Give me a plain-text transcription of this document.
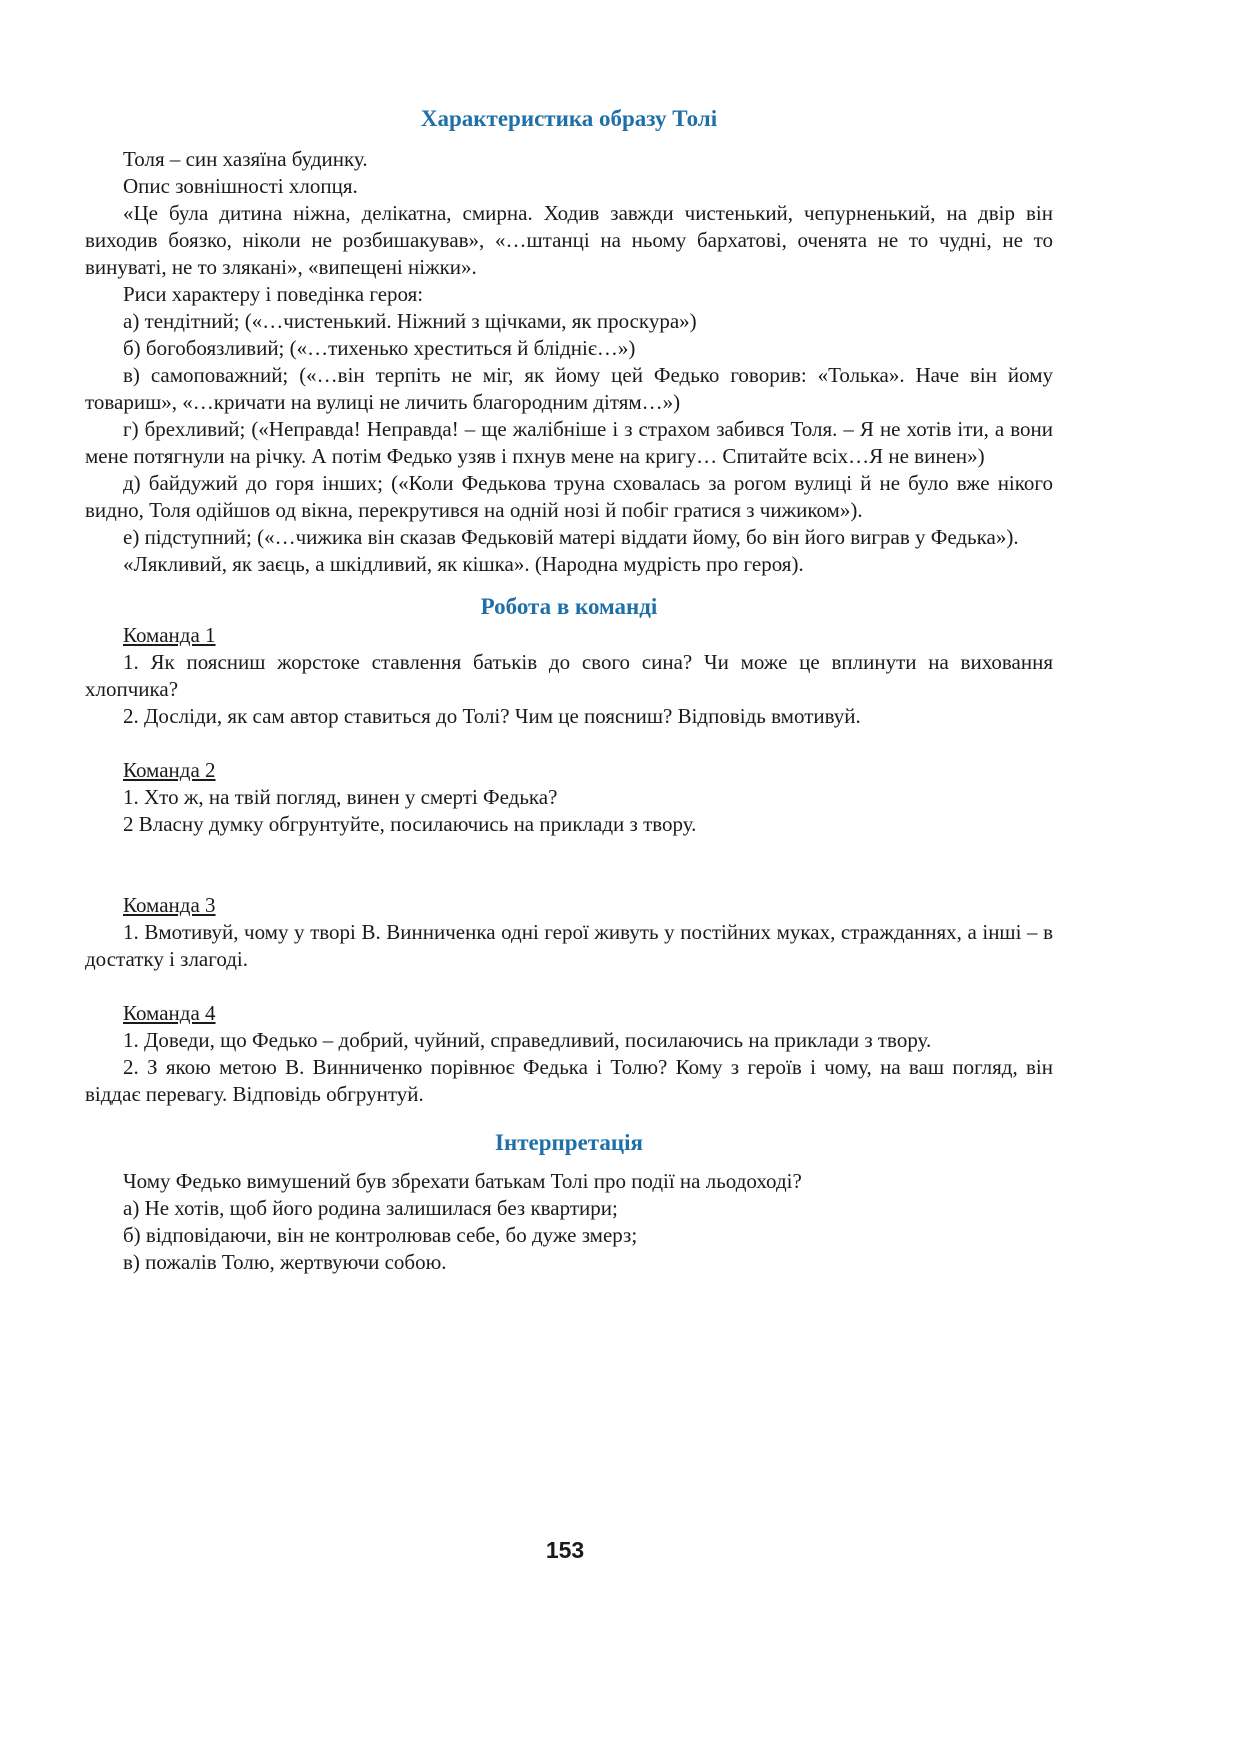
Характеристика образу Толі

Толя – син хазяїна будинку.

Опис зовнішності хлопця.

«Це була дитина ніжна, делікатна, смирна. Ходив завжди чистенький, чепурненький, на двір він виходив боязко, ніколи не розбишакував», «…штанці на ньому бархатові, оченята не то чудні, не то винуваті, не то злякані», «випещені ніжки».

Риси характеру і поведінка героя:

а) тендітний; («…чистенький. Ніжний з щічками, як проскура»)

б) богобоязливий; («…тихенько хреститься й блідніє…»)

в) самоповажний; («…він терпіть не міг, як йому цей Федько говорив: «Толька». Наче він йому товариш», «…кричати на вулиці не личить благородним дітям…»)

г) брехливий; («Неправда! Неправда! – ще жалібніше і з страхом забився Толя. – Я не хотів іти, а вони мене потягнули на річку. А потім Федько узяв і пхнув мене на кригу… Спитайте всіх…Я не винен»)

д) байдужий до горя інших; («Коли Федькова труна сховалась за рогом вулиці й не було вже нікого видно, Толя одійшов од вікна, перекрутився на одній нозі й побіг гратися з чижиком»).

е) підступний; («…чижика він сказав Федьковій матері віддати йому, бо він його виграв у Федька»).

«Лякливий, як заєць, а шкідливий, як кішка». (Народна мудрість про героя).

Робота в команді

Команда 1

1. Як поясниш жорстоке ставлення батьків до свого сина? Чи може це вплинути на виховання хлопчика?

2. Досліди, як сам автор ставиться до Толі? Чим це поясниш? Відповідь вмотивуй.

Команда 2

1. Хто ж, на твій погляд, винен у смерті Федька?

2 Власну думку обгрунтуйте, посилаючись на приклади з твору.

Команда 3

1. Вмотивуй, чому у творі В. Винниченка одні герої живуть у постійних муках, стражданнях, а інші – в достатку і злагоді.

Команда 4

1. Доведи, що Федько – добрий, чуйний, справедливий, посилаючись на приклади з твору.

2. З якою метою В. Винниченко порівнює Федька і Толю? Кому з героїв і чому, на ваш погляд, він віддає перевагу. Відповідь обгрунтуй.

Інтерпретація

Чому Федько вимушений був збрехати батькам Толі про події на льодоході?

а) Не хотів, щоб його родина залишилася без квартири;

б) відповідаючи, він не контролював себе, бо дуже змерз;

в) пожалів Толю, жертвуючи собою.

153
